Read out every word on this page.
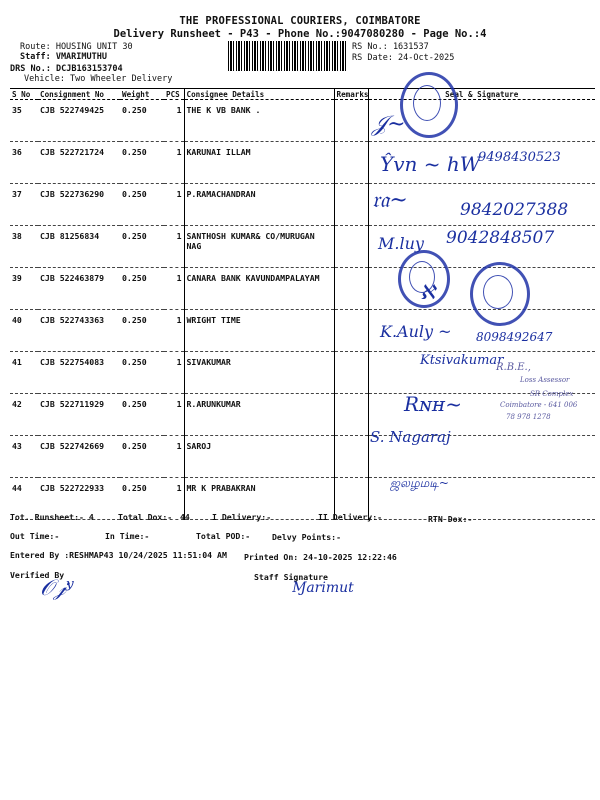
THE PROFESSIONAL COURIERS, COIMBATORE
Delivery Runsheet - P43 - Phone No.:9047080280 - Page No.:4
Route: HOUSING UNIT 30
Staff: VMARIMUTHU
DRS No.: DCJB163153704
Vehicle: Two Wheeler Delivery
RS No.: 1631537
RS Date: 24-Oct-2025
S No	Consignment No	Weight	PCS	Consignee Details	Remarks	Seal & Signature
35	CJB 522749425	0.250	1	THE K VB BANK .		
36	CJB 522721724	0.250	1	KARUNAI ILLAM		
37	CJB 522736290	0.250	1	P.RAMACHANDRAN		
38	CJB 81256834	0.250	1	SANTHOSH KUMAR& CO/MURUGAN NAG		
39	CJB 522463879	0.250	1	CANARA BANK KAVUNDAMPALAYAM		
40	CJB 522743363	0.250	1	WRIGHT TIME		
41	CJB 522754083	0.250	1	SIVAKUMAR		
42	CJB 522711929	0.250	1	R.ARUNKUMAR		
43	CJB 522742669	0.250	1	SAROJ		
44	CJB 522722933	0.250	1	MR K PRABAKRAN		
𝒥~
Ŷvn ~ hW
9498430523
𝔯𝔞~	9842027388
M.luy 9042848507
ℵ
K.Auly ~ 8098492647
Ktsivakumar
R.B.E.,
Loss Assessor
SR Complex
Coimbatore - 641 006
78 978 1278
Rɴʜ~
S. Nagaraj
ஜலழமடி~
Tot. Runsheet:- 4	Total Dox:- 44	I Delivery:-	II Delivery:-	RTN Dox:-
Out Time:-	In Time:-	Total POD:-	Delvy Points:-
Entered By :RESHMAP43 10/24/2025 11:51:04 AM Printed On: 24-10-2025 12:22:46
Verified By	Staff Signature
𝒪𝒿ʸ	Ɱarimut
